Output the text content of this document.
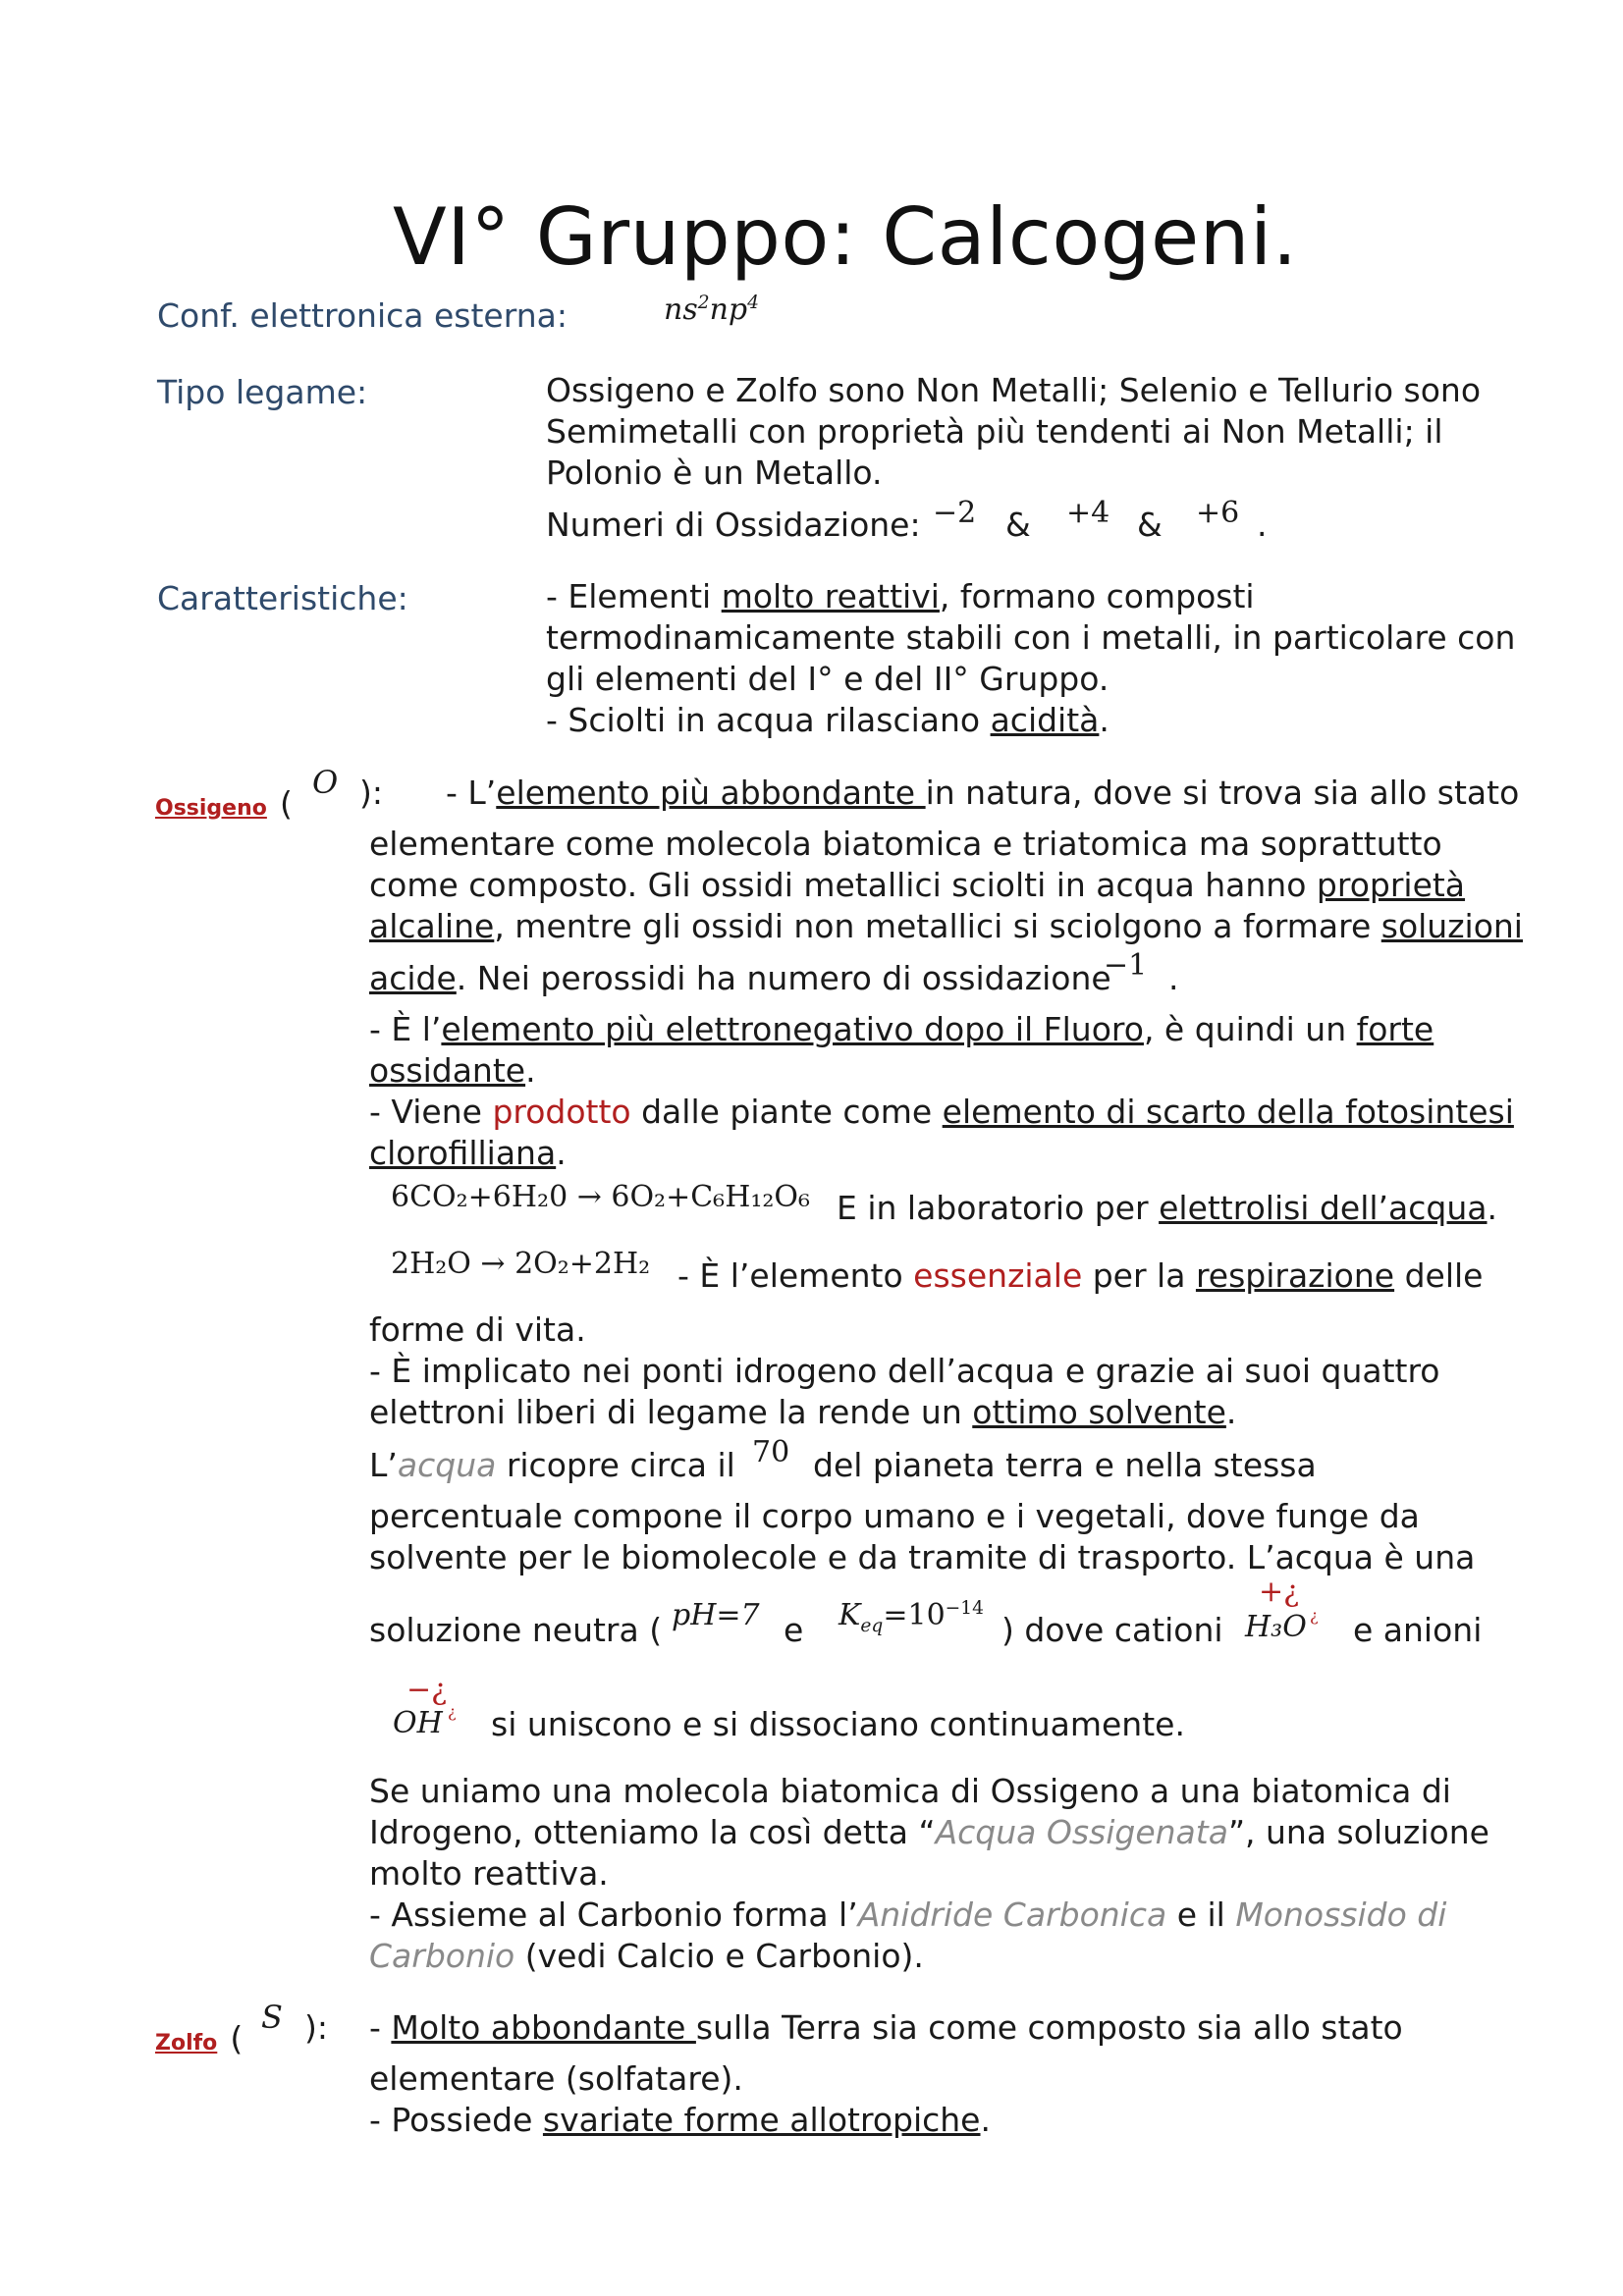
VI° Gruppo: Calcogeni.
Conf. elettronica esterna:	$ns^2np^4$
Tipo legame:	Ossigeno e Zolfo sono Non Metalli; Selenio e Tellurio sono
Semimetalli con proprietà più tendenti ai Non Metalli; il
Polonio è un Metallo.
Numeri di Ossidazione: −2 & +4 & +6 .
Caratteristiche:	- Elementi molto reattivi, formano composti
termodinamicamente stabili con i metalli, in particolare con
gli elementi del I° e del II° Gruppo.
- Sciolti in acqua rilasciano acidità.
Ossigeno (
O ): - L’elemento più abbondante in natura, dove si trova sia allo stato
elementare come molecola biatomica e triatomica ma soprattutto
come composto. Gli ossidi metallici sciolti in acqua hanno proprietà
alcaline, mentre gli ossidi non metallici si sciolgono a formare soluzioni
acide. Nei perossidi ha numero di ossidazione
−1 .
- È l’elemento più elettronegativo dopo il Fluoro, è quindi un forte
ossidante.
- Viene prodotto dalle piante come elemento di scarto della fotosintesi
clorofilliana.
6CO₂+6H₂0 → 6O₂+C₆H₁₂O₆ E in laboratorio per elettrolisi dell’acqua.
2H₂O → 2O₂+2H₂ - È l’elemento essenziale per la respirazione delle
forme di vita.
- È implicato nei ponti idrogeno dell’acqua e grazie ai suoi quattro
elettroni liberi di legame la rende un ottimo solvente.
L’acqua ricopre circa il 70 del pianeta terra e nella stessa
percentuale compone il corpo umano e i vegetali, dove funge da
solvente per le biomolecole e da tramite di trasporto. L’acqua è una
soluzione neutra ( pH=7 e $K_{eq}=10^{-14}$
) dove cationi
+¿
H₃O ¿ e anioni
−¿
OH ¿ si uniscono e si dissociano continuamente.
Se uniamo una molecola biatomica di Ossigeno a una biatomica di
Idrogeno, otteniamo la così detta “Acqua Ossigenata”, una soluzione
molto reattiva.
- Assieme al Carbonio forma l’Anidride Carbonica e il Monossido di
Carbonio (vedi Calcio e Carbonio).
Zolfo (
S ): - Molto abbondante sulla Terra sia come composto sia allo stato
elementare (solfatare).
- Possiede svariate forme allotropiche.
